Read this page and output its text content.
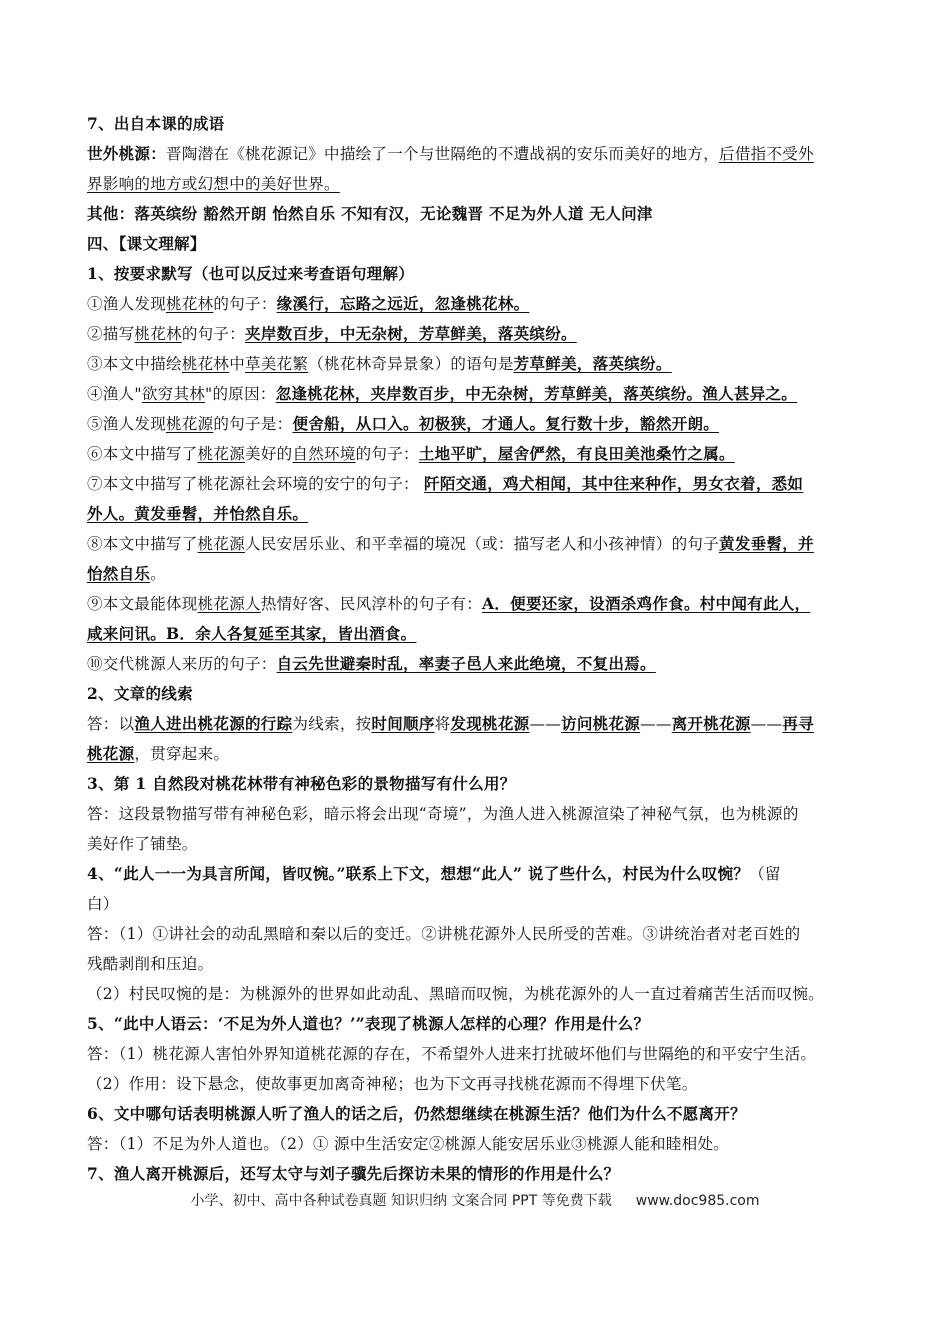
7、出自本课的成语
世外桃源：晋陶潜在《桃花源记》中描绘了一个与世隔绝的不遭战祸的安乐而美好的地方，后借指不受外
界影响的地方或幻想中的美好世界。
其他：落英缤纷 豁然开朗 怡然自乐 不知有汉，无论魏晋 不足为外人道 无人问津
四、【课文理解】
1、按要求默写（也可以反过来考查语句理解）
①渔人发现桃花林的句子：缘溪行，忘路之远近，忽逢桃花林。
②描写桃花林的句子：夹岸数百步，中无杂树，芳草鲜美，落英缤纷。
③本文中描绘桃花林中草美花繁（桃花林奇异景象）的语句是芳草鲜美，落英缤纷。
④渔人"欲穷其林"的原因：忽逢桃花林，夹岸数百步，中无杂树，芳草鲜美，落英缤纷。渔人甚异之。
⑤渔人发现桃花源的句子是：便舍船，从口入。初极狭，才通人。复行数十步，豁然开朗。
⑥本文中描写了桃花源美好的自然环境的句子：土地平旷，屋舍俨然，有良田美池桑竹之属。
⑦本文中描写了桃花源社会环境的安宁的句子： 阡陌交通，鸡犬相闻，其中往来种作，男女衣着，悉如
外人。黄发垂髫，并怡然自乐。
⑧本文中描写了桃花源人民安居乐业、和平幸福的境况（或：描写老人和小孩神情）的句子黄发垂髫，并
怡然自乐。
⑨本文最能体现桃花源人热情好客、民风淳朴的句子有：A．便要还家，设酒杀鸡作食。村中闻有此人，
咸来问讯。B．余人各复延至其家，皆出酒食。
⑩交代桃源人来历的句子：自云先世避秦时乱，率妻子邑人来此绝境，不复出焉。
2、文章的线索
答：以渔人进出桃花源的行踪为线索，按时间顺序将发现桃花源——访问桃花源——离开桃花源——再寻
桃花源，贯穿起来。
3、第 1 自然段对桃花林带有神秘色彩的景物描写有什么用？
答：这段景物描写带有神秘色彩，暗示将会出现“奇境”，为渔人进入桃源渲染了神秘气氛，也为桃源的
美好作了铺垫。
4、“此人一一为具言所闻，皆叹惋。”联系上下文，想想“此人” 说了些什么，村民为什么叹惋？（留
白）
答：（1）①讲社会的动乱黑暗和秦以后的变迁。②讲桃花源外人民所受的苦难。③讲统治者对老百姓的
残酷剥削和压迫。
（2）村民叹惋的是：为桃源外的世界如此动乱、黑暗而叹惋，为桃花源外的人一直过着痛苦生活而叹惋。
5、“此中人语云：‘不足为外人道也？’”表现了桃源人怎样的心理？作用是什么？
答：（1）桃花源人害怕外界知道桃花源的存在，不希望外人进来打扰破坏他们与世隔绝的和平安宁生活。
（2）作用：设下悬念，使故事更加离奇神秘；也为下文再寻找桃花源而不得埋下伏笔。
6、文中哪句话表明桃源人听了渔人的话之后，仍然想继续在桃源生活？他们为什么不愿离开？
答：（1）不足为外人道也。（2）① 源中生活安定②桃源人能安居乐业③桃源人能和睦相处。
7、渔人离开桃源后，还写太守与刘子骥先后探访未果的情形的作用是什么？
小学、初中、高中各种试卷真题 知识归纳 文案合同 PPT 等免费下载 www.doc985.com
